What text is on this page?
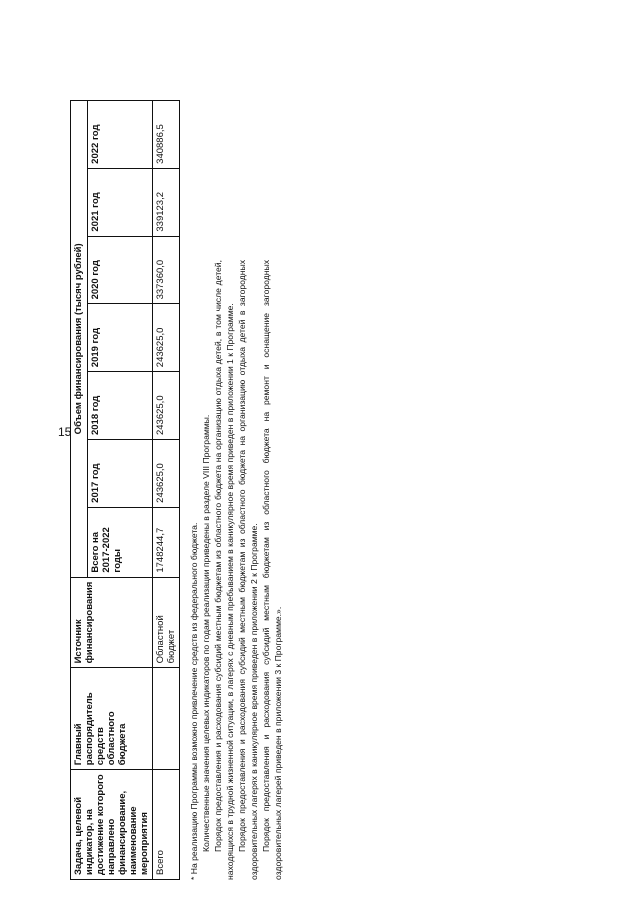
15
Задача, целевой индикатор, на достижение которого направлено финансирование, наименование мероприятия	Главный распорядитель средств областного бюджета	Источник финансирования	Объем финансирования (тысяч рублей)						
			Всего на 2017-2022 годы	2017 год	2018 год	2019 год	2020 год	2021 год	2022 год
Всего		Областной бюджет	1748244,7	243625,0	243625,0	243625,0	337360,0	339123,2	340886,5

* На реализацию Программы возможно привлечение средств из федерального бюджета. Количественные значения целевых индикаторов по годам реализации приведены в разделе VIII Программы. Порядок предоставления и расходования субсидий местным бюджетам из областного бюджета на организацию отдыха детей, в том числе детей, находящихся в трудной жизненной ситуации, в лагерях с дневным пребыванием в каникулярное время приведен в приложении 1 к Программе. Порядок предоставления и расходования субсидий местным бюджетам из областного бюджета на организацию отдыха детей в загородных оздоровительных лагерях в каникулярное время приведен в приложении 2 к Программе. Порядок предоставления и расходования субсидий местным бюджетам из областного бюджета на ремонт и оснащение загородных оздоровительных лагерей приведен в приложении 3 к Программе.».
